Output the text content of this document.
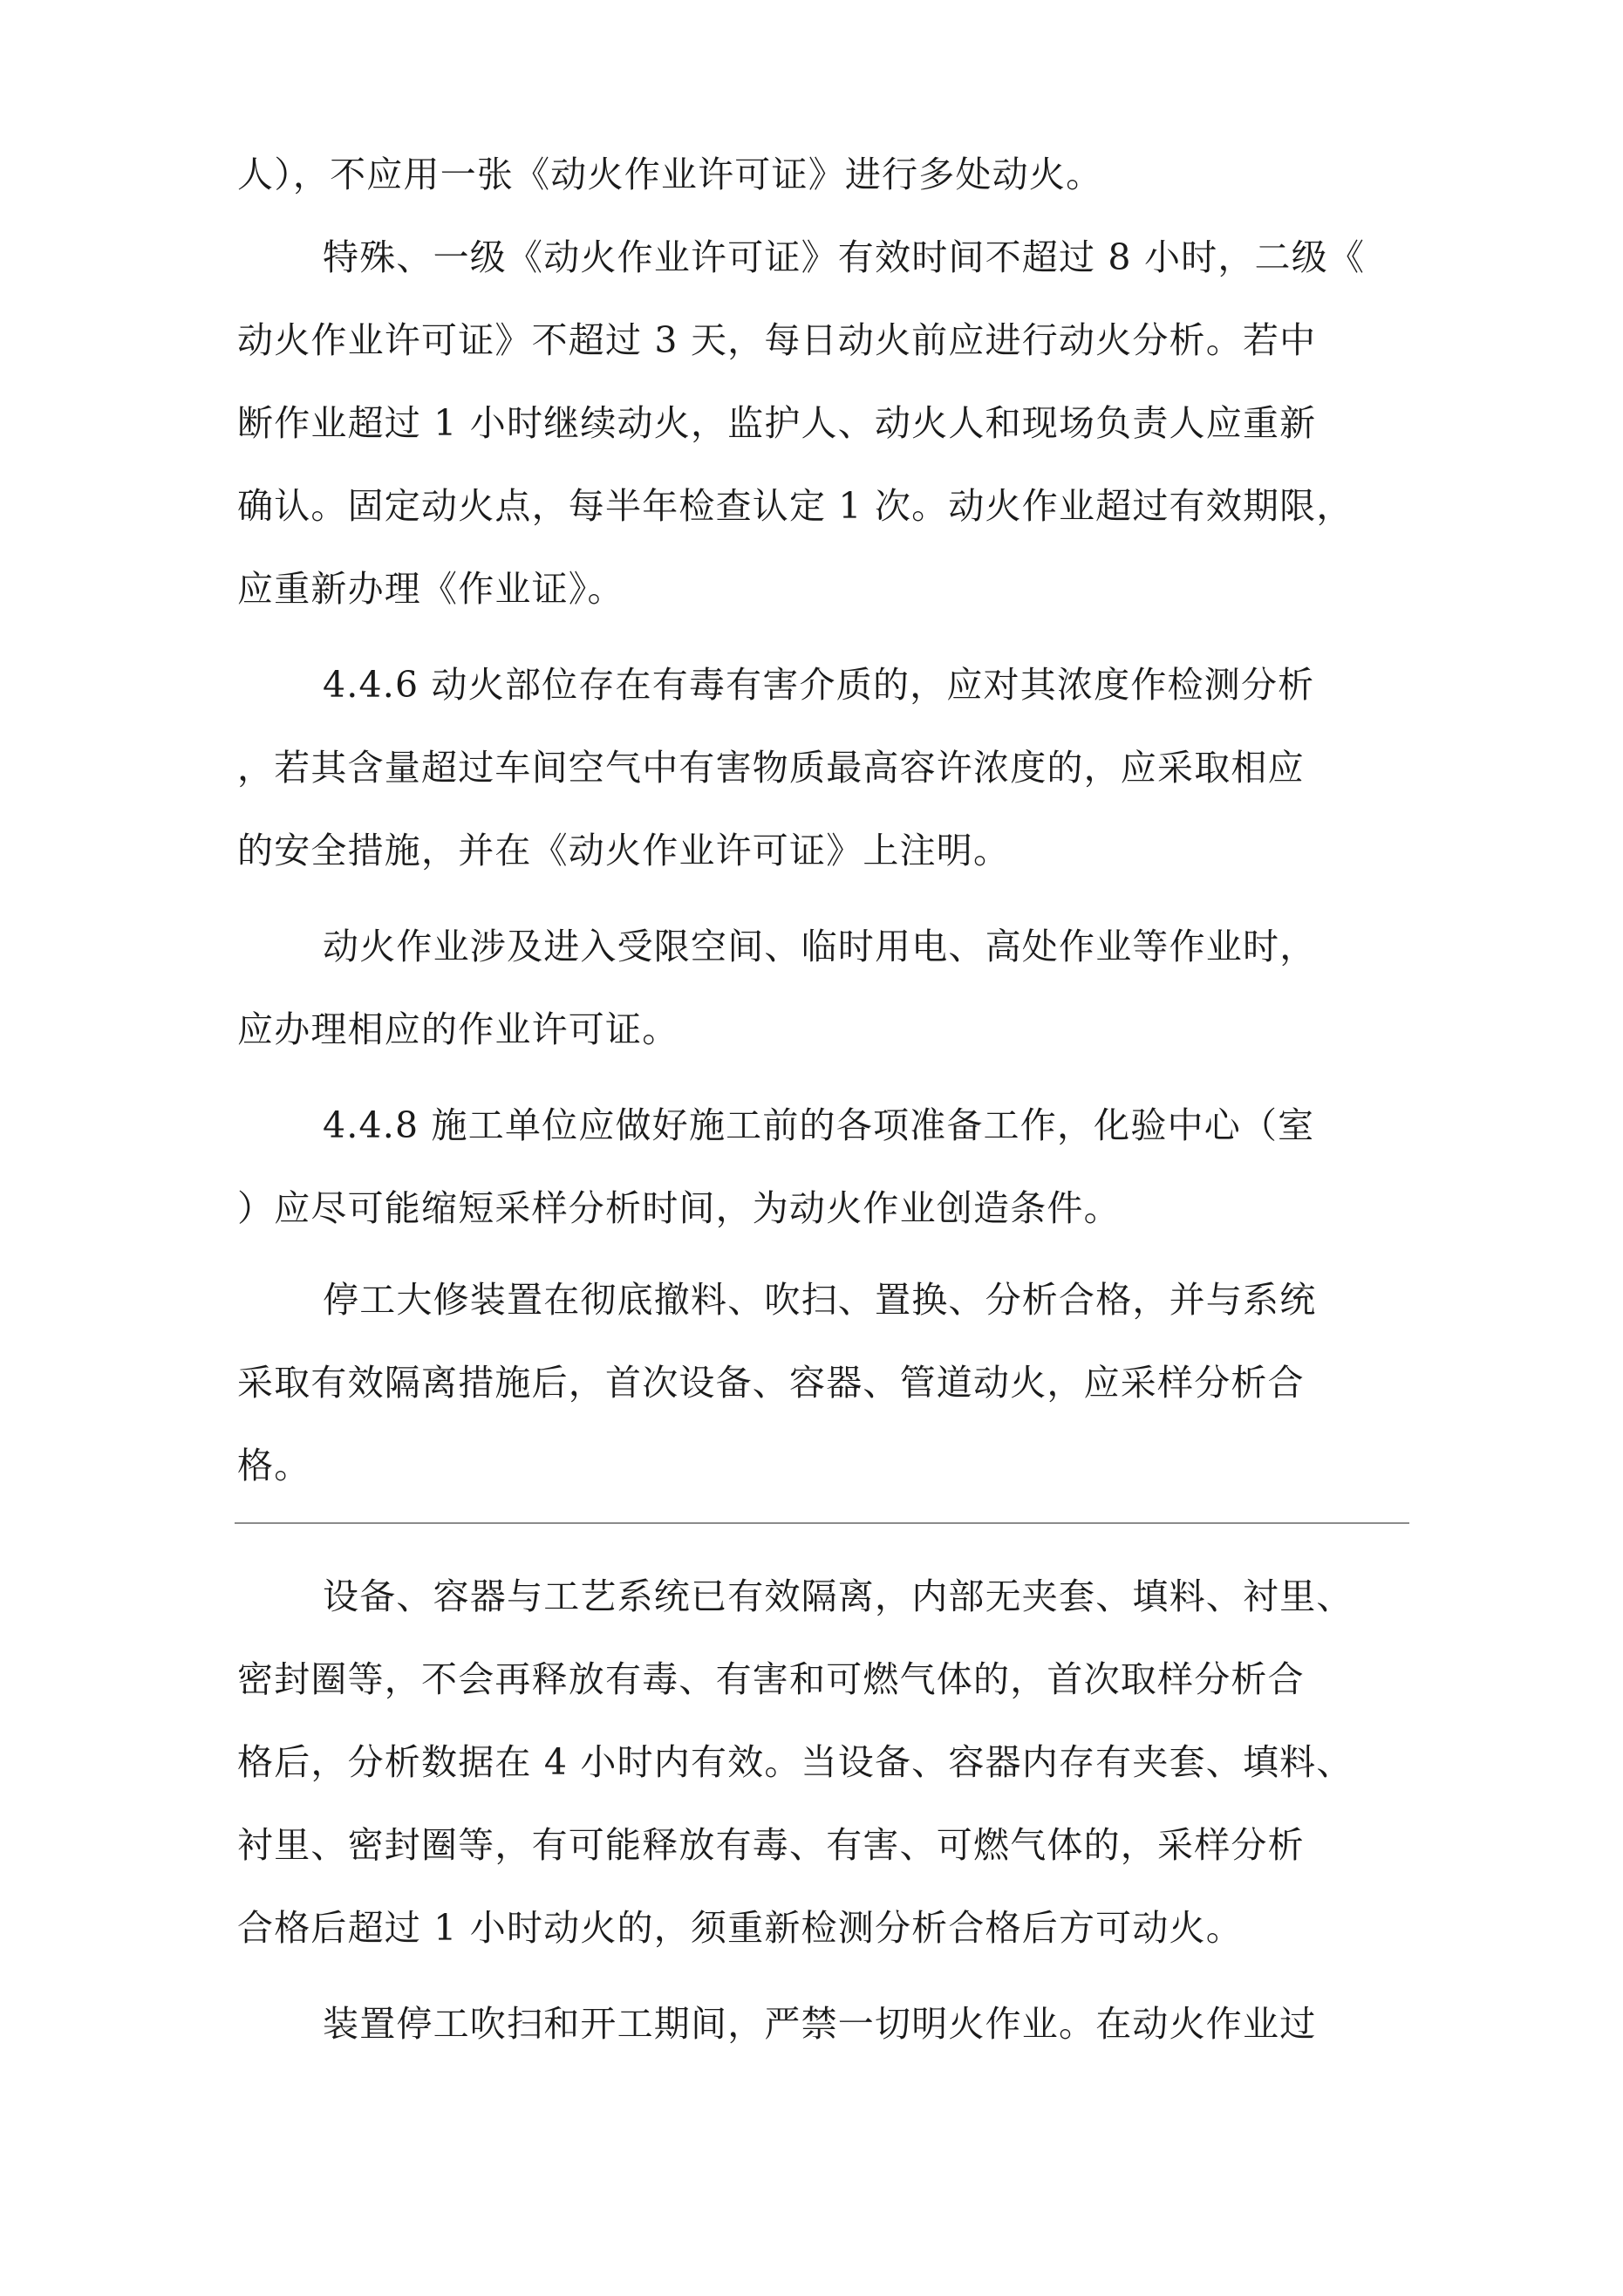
人），不应用一张《动火作业许可证》进行多处动火。
特殊、一级《动火作业许可证》有效时间不超过 8 小时，二级《
动火作业许可证》不超过 3 天，每日动火前应进行动火分析。若中
断作业超过 1 小时继续动火，监护人、动火人和现场负责人应重新
确认。固定动火点，每半年检查认定 1 次。动火作业超过有效期限，
应重新办理《作业证》。
4.4.6 动火部位存在有毒有害介质的，应对其浓度作检测分析
，若其含量超过车间空气中有害物质最高容许浓度的，应采取相应
的安全措施，并在《动火作业许可证》上注明。
动火作业涉及进入受限空间、临时用电、高处作业等作业时，
应办理相应的作业许可证。
4.4.8 施工单位应做好施工前的各项准备工作，化验中心（室
）应尽可能缩短采样分析时间，为动火作业创造条件。
停工大修装置在彻底撤料、吹扫、置换、分析合格，并与系统
采取有效隔离措施后，首次设备、容器、管道动火，应采样分析合
格。
设备、容器与工艺系统已有效隔离，内部无夹套、填料、衬里、
密封圈等，不会再释放有毒、有害和可燃气体的，首次取样分析合
格后，分析数据在 4 小时内有效。当设备、容器内存有夹套、填料、
衬里、密封圈等，有可能释放有毒、有害、可燃气体的，采样分析
合格后超过 1 小时动火的，须重新检测分析合格后方可动火。
装置停工吹扫和开工期间，严禁一切明火作业。在动火作业过
